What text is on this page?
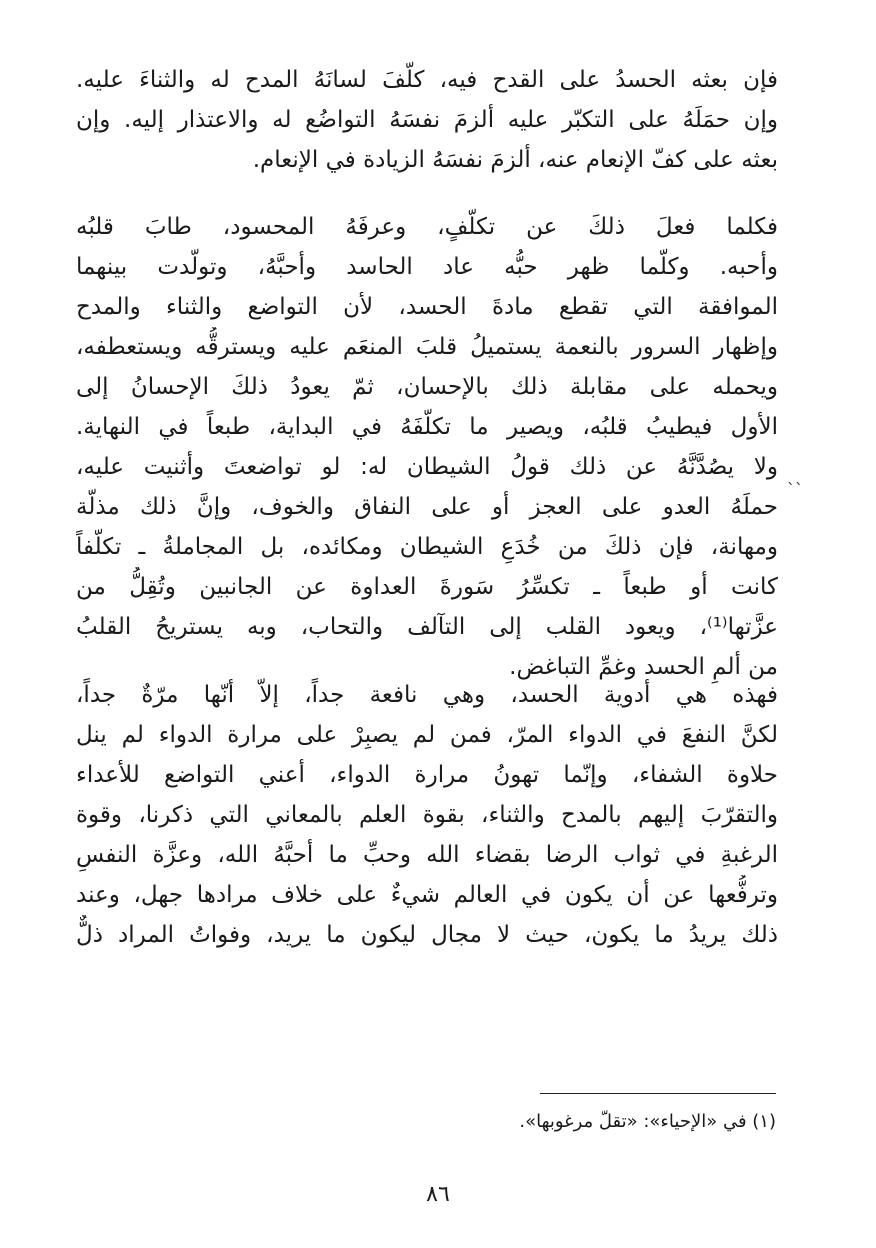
فإن بعثه الحسدُ على القدح فيه، كلّفَ لسانَهُ المدح له والثناءَ عليه.
وإن حمَلَهُ على التكبّر عليه ألزمَ نفسَهُ التواضُع له والاعتذار إليه. وإن
بعثه على كفّ الإنعام عنه، ألزمَ نفسَهُ الزيادة في الإنعام.
فكلما فعلَ ذلكَ عن تكلّفٍ، وعرفَهُ المحسود، طابَ قلبُه
وأحبه. وكلّما ظهر حبُّه عاد الحاسد وأحبَّهُ، وتولّدت بينهما
الموافقة التي تقطع مادةَ الحسد، لأن التواضع والثناء والمدح
وإظهار السرور بالنعمة يستميلُ قلبَ المنعَم عليه ويسترقُّه ويستعطفه،
ويحمله على مقابلة ذلك بالإحسان، ثمّ يعودُ ذلكَ الإحسانُ إلى
الأول فيطيبُ قلبُه، ويصير ما تكلّفَهُ في البداية، طبعاً في النهاية.
ولا يصُدَّنَّهُ عن ذلك قولُ الشيطان له: لو تواضعتَ وأثنيت عليه،
حملَهُ العدو على العجز أو على النفاق والخوف، وإنَّ ذلك مذلّة
ومهانة، فإن ذلكَ من خُدَعِ الشيطان ومكائده، بل المجاملةُ ـ تكلّفاً
كانت أو طبعاً ـ تكسِّرُ سَورةَ العداوة عن الجانبين وتُقِلُّ من
عزَّتها⁽¹⁾، ويعود القلب إلى التآلف والتحاب، وبه يستريحُ القلبُ
من ألمِ الحسد وغمِّ التباغض.
``
فهذه هي أدوية الحسد، وهي نافعة جداً، إلاّ أنّها مرّةٌ جداً،
لكنَّ النفعَ في الدواء المرّ، فمن لم يصبِرْ على مرارة الدواء لم ينل
حلاوة الشفاء، وإنّما تهونُ مرارة الدواء، أعني التواضع للأعداء
والتقرّبَ إليهم بالمدح والثناء، بقوة العلم بالمعاني التي ذكرنا، وقوة
الرغبةِ في ثواب الرضا بقضاء الله وحبِّ ما أحبَّهُ الله، وعزَّة النفسِ
وترفُّعها عن أن يكون في العالم شيءٌ على خلاف مرادها جهل، وعند
ذلك يريدُ ما يكون، حيث لا مجال ليكون ما يريد، وفواتُ المراد ذلٌّ
(١) في «الإحياء»: «تقلّ مرغوبها».
٨٦
